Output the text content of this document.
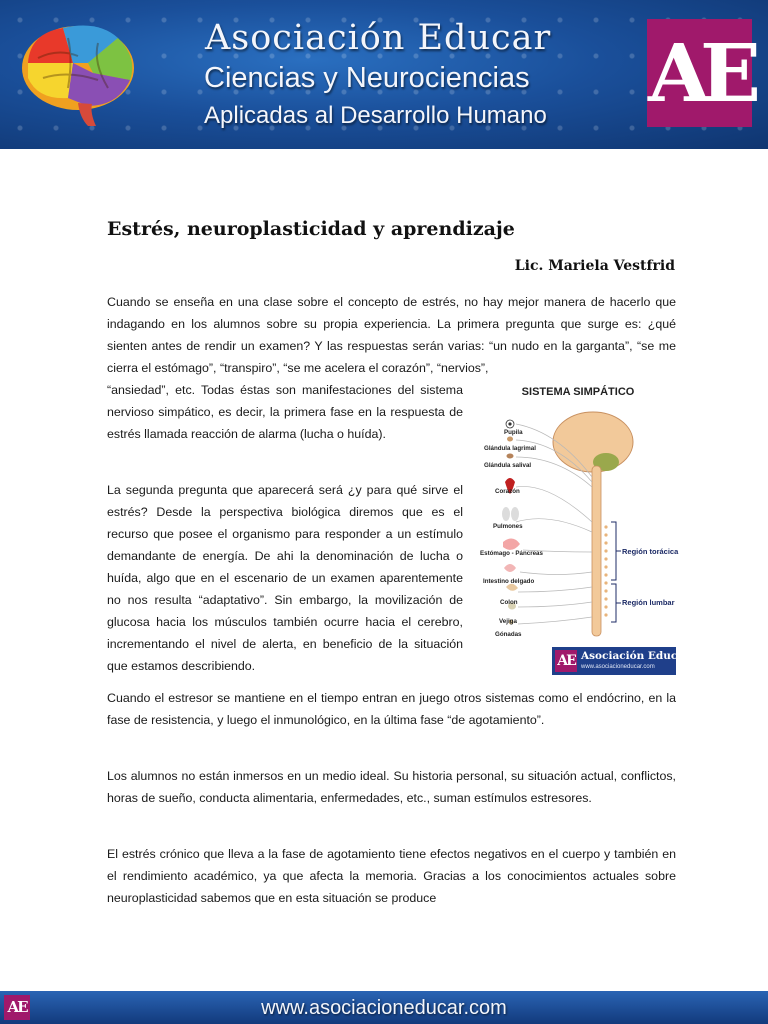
Asociación Educar
Ciencias y Neurociencias
Aplicadas al Desarrollo Humano AE
Estrés, neuroplasticidad y aprendizaje
Lic. Mariela Vestfrid
Cuando se enseña en una clase sobre el concepto de estrés, no hay mejor manera de hacerlo que indagando en los alumnos sobre su propia experiencia. La primera pregunta que surge es: ¿qué sienten antes de rendir un examen? Y las respuestas serán varias: “un nudo en la garganta”, “se me cierra el estómago”, “transpiro”, “se me acelera el corazón”, “nervios”,
“ansiedad”, etc. Todas éstas son manifestaciones del sistema nervioso simpático, es decir, la primera fase en la respuesta de estrés llamada reacción de alarma (lucha o huída).
La segunda pregunta que aparecerá será ¿y para qué sirve el estrés? Desde la perspectiva biológica diremos que es el recurso que posee el organismo para responder a un estímulo demandante de energía. De ahi la denominación de lucha o huída, algo que en el escenario de un examen aparentemente no nos resulta “adaptativo”. Sin embargo, la movilización de glucosa hacia los músculos también ocurre hacia el cerebro, incrementando el nivel de alerta, en beneficio de la situación que estamos describiendo.
SISTEMA SIMPÁTICO
Pupila
Glándula lagrimal
Glándula salival
Corazón
Pulmones
Estómago - Páncreas
Intestino delgado
Colon
Vejiga
Gónadas
Región torácica
Región lumbar
AE Asociación Educar
www.asociacioneducar.com
Cuando el estresor se mantiene en el tiempo entran en juego otros sistemas como el endócrino, en la fase de resistencia, y luego el inmunológico, en la última fase “de agotamiento”.
Los alumnos no están inmersos en un medio ideal. Su historia personal, su situación actual, conflictos, horas de sueño, conducta alimentaria, enfermedades, etc., suman estímulos estresores.
El estrés crónico que lleva a la fase de agotamiento tiene efectos negativos en el cuerpo y también en el rendimiento académico, ya que afecta la memoria. Gracias a los conocimientos actuales sobre neuroplasticidad sabemos que en esta situación se produce
AE	www.asociacioneducar.com
